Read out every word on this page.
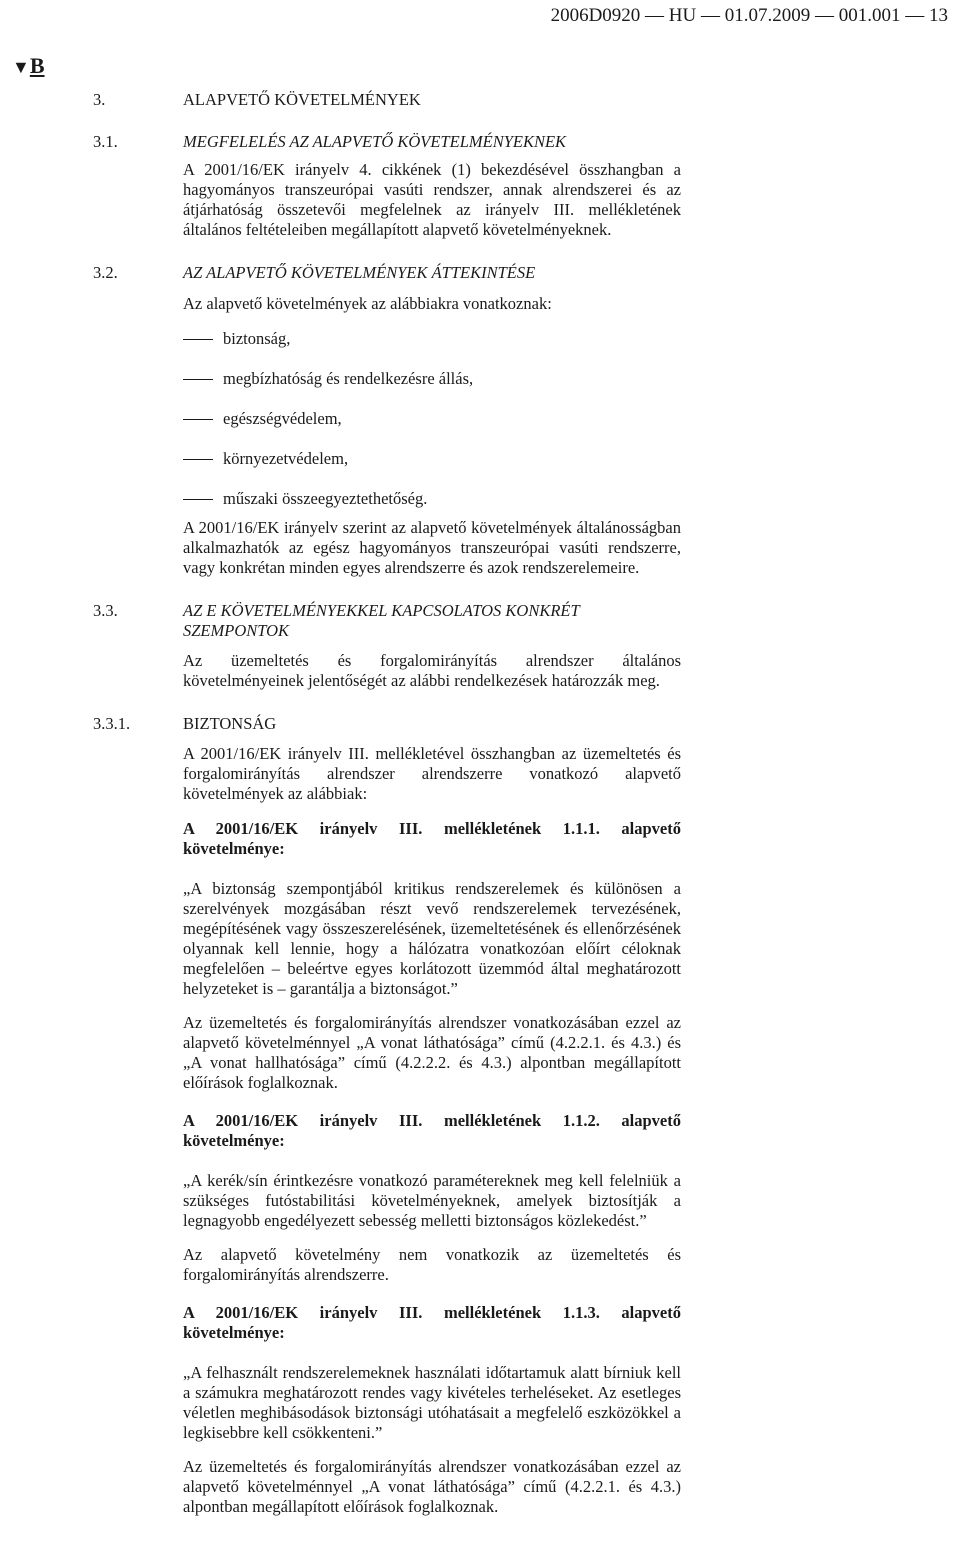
2006D0920 — HU — 01.07.2009 — 001.001 — 13
▼B
3.	ALAPVETŐ KÖVETELMÉNYEK

3.1.	MEGFELELÉS AZ ALAPVETŐ KÖVETELMÉNYEKNEK

A 2001/16/EK irányelv 4. cikkének (1) bekezdésével összhangban a hagyományos transzeurópai vasúti rendszer, annak alrendszerei és az átjárhatóság összetevői megfelelnek az irányelv III. mellékletének általános feltételeiben megállapított alapvető követelményeknek.

3.2.	AZ ALAPVETŐ KÖVETELMÉNYEK ÁTTEKINTÉSE

Az alapvető követelmények az alábbiakra vonatkoznak:

biztonság,
megbízhatóság és rendelkezésre állás,
egészségvédelem,
környezetvédelem,
műszaki összeegyeztethetőség.

A 2001/16/EK irányelv szerint az alapvető követelmények általánosságban alkalmazhatók az egész hagyományos transzeurópai vasúti rendszerre, vagy konkrétan minden egyes alrendszerre és azok rendszerelemeire.

3.3.	AZ E KÖVETELMÉNYEKKEL KAPCSOLATOS KONKRÉT SZEMPONTOK

Az üzemeltetés és forgalomirányítás alrendszer általános követelményeinek jelentőségét az alábbi rendelkezések határozzák meg.

3.3.1.	BIZTONSÁG

A 2001/16/EK irányelv III. mellékletével összhangban az üzemeltetés és forgalomirányítás alrendszer alrendszerre vonatkozó alapvető követelmények az alábbiak:

A 2001/16/EK irányelv III. mellékletének 1.1.1. alapvető követelménye:

„A biztonság szempontjából kritikus rendszerelemek és különösen a szerelvények mozgásában részt vevő rendszerelemek tervezésének, megépítésének vagy összeszerelésének, üzemeltetésének és ellenőrzésének olyannak kell lennie, hogy a hálózatra vonatkozóan előírt céloknak megfelelően – beleértve egyes korlátozott üzemmód által meghatározott helyzeteket is – garantálja a biztonságot.”

Az üzemeltetés és forgalomirányítás alrendszer vonatkozásában ezzel az alapvető követelménnyel „A vonat láthatósága” című (4.2.2.1. és 4.3.) és „A vonat hallhatósága” című (4.2.2.2. és 4.3.) alpontban megállapított előírások foglalkoznak.

A 2001/16/EK irányelv III. mellékletének 1.1.2. alapvető követelménye:

„A kerék/sín érintkezésre vonatkozó paramétereknek meg kell felelniük a szükséges futóstabilitási követelményeknek, amelyek biztosítják a legnagyobb engedélyezett sebesség melletti biztonságos közlekedést.”

Az alapvető követelmény nem vonatkozik az üzemeltetés és forgalomirányítás alrendszerre.

A 2001/16/EK irányelv III. mellékletének 1.1.3. alapvető követelménye:

„A felhasznált rendszerelemeknek használati időtartamuk alatt bírniuk kell a számukra meghatározott rendes vagy kivételes terheléseket. Az esetleges véletlen meghibásodások biztonsági utóhatásait a megfelelő eszközökkel a legkisebbre kell csökkenteni.”

Az üzemeltetés és forgalomirányítás alrendszer vonatkozásában ezzel az alapvető követelménnyel „A vonat láthatósága” című (4.2.2.1. és 4.3.) alpontban megállapított előírások foglalkoznak.
